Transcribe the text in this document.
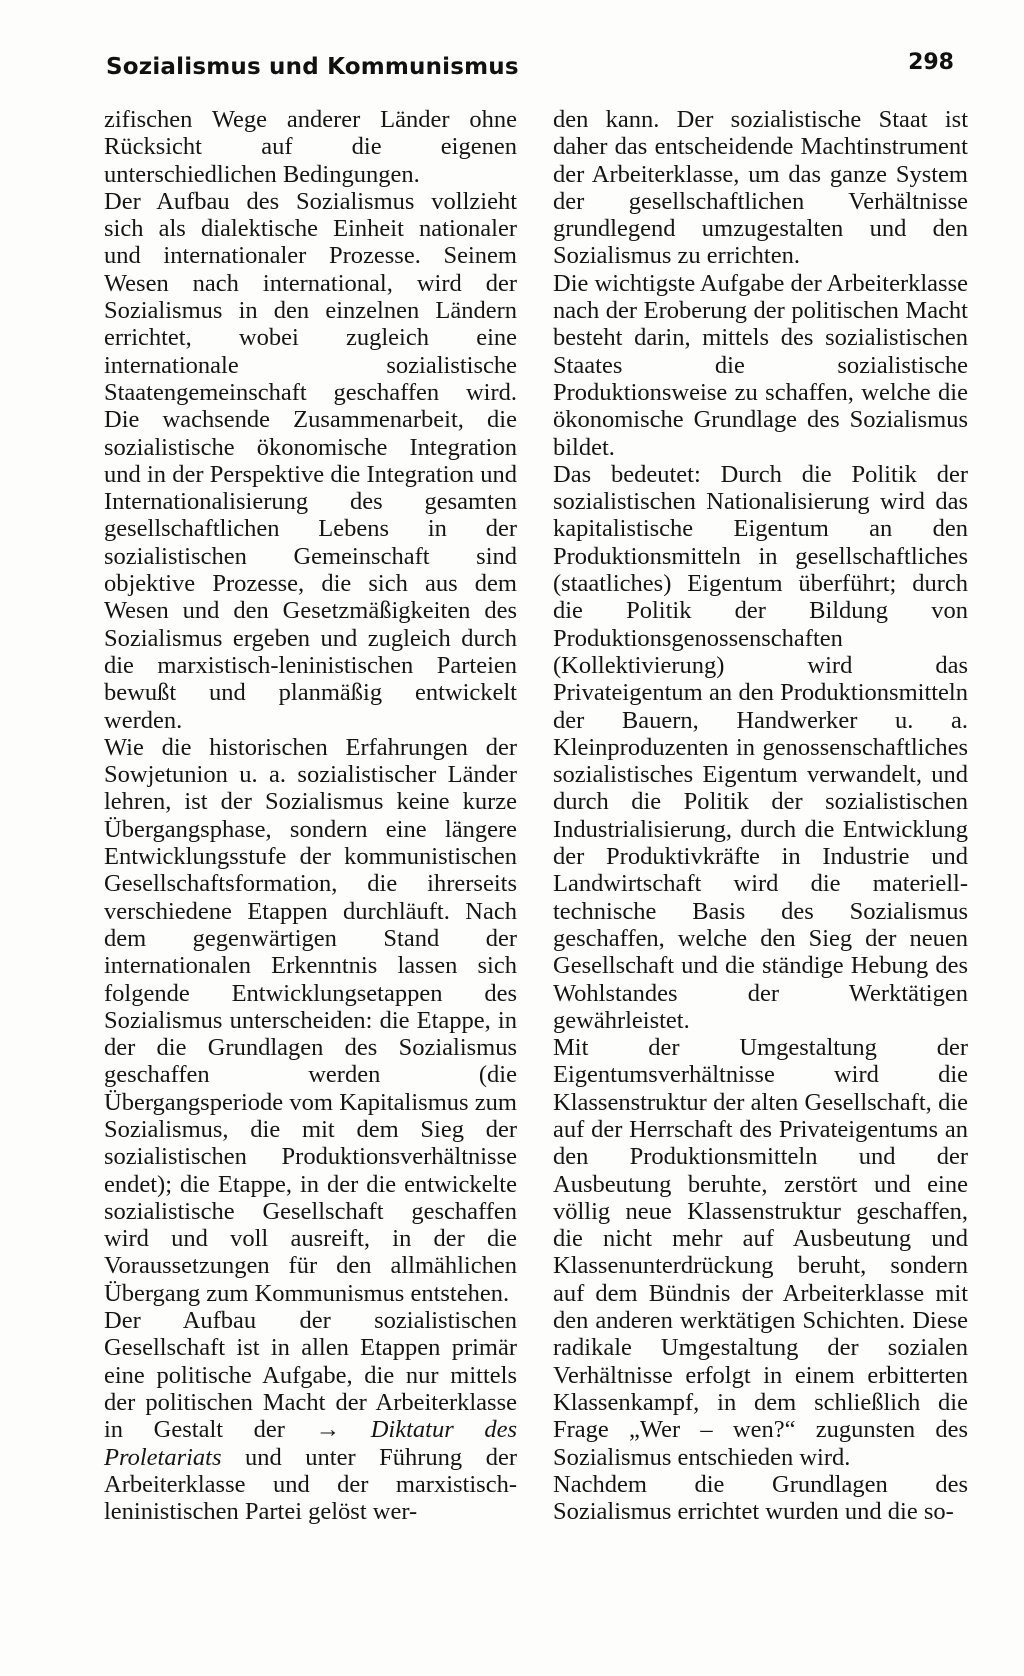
Sozialismus und Kommunismus	298

zifischen Wege anderer Länder ohne Rücksicht auf die eigenen unterschiedlichen Bedingungen.

Der Aufbau des Sozialismus vollzieht sich als dialektische Einheit nationaler und internationaler Prozesse. Seinem Wesen nach international, wird der Sozialismus in den einzelnen Ländern errichtet, wobei zugleich eine internationale sozialistische Staatengemeinschaft geschaffen wird. Die wachsende Zusammenarbeit, die sozialistische ökonomische Integration und in der Perspektive die Integration und Internationalisierung des gesamten gesellschaftlichen Lebens in der sozialistischen Gemeinschaft sind objektive Prozesse, die sich aus dem Wesen und den Gesetzmäßigkeiten des Sozialismus ergeben und zugleich durch die marxistisch-leninistischen Parteien bewußt und planmäßig entwickelt werden.

Wie die historischen Erfahrungen der Sowjetunion u. a. sozialistischer Länder lehren, ist der Sozialismus keine kurze Übergangsphase, sondern eine längere Entwicklungsstufe der kommunistischen Gesellschaftsformation, die ihrerseits verschiedene Etappen durchläuft. Nach dem gegenwärtigen Stand der internationalen Erkenntnis lassen sich folgende Entwicklungsetappen des Sozialismus unterscheiden: die Etappe, in der die Grundlagen des Sozialismus geschaffen werden (die Übergangsperiode vom Kapitalismus zum Sozialismus, die mit dem Sieg der sozialistischen Produktionsverhältnisse endet); die Etappe, in der die entwickelte sozialistische Gesellschaft geschaffen wird und voll ausreift, in der die Voraussetzungen für den allmählichen Übergang zum Kommunismus entstehen.

Der Aufbau der sozialistischen Gesellschaft ist in allen Etappen primär eine politische Aufgabe, die nur mittels der politischen Macht der Arbeiterklasse in Gestalt der → Diktatur des Proletariats und unter Führung der Arbeiterklasse und der marxistisch-leninistischen Partei gelöst wer-

den kann. Der sozialistische Staat ist daher das entscheidende Machtinstrument der Arbeiterklasse, um das ganze System der gesellschaftlichen Verhältnisse grundlegend umzugestalten und den Sozialismus zu errichten.

Die wichtigste Aufgabe der Arbeiterklasse nach der Eroberung der politischen Macht besteht darin, mittels des sozialistischen Staates die sozialistische Produktionsweise zu schaffen, welche die ökonomische Grundlage des Sozialismus bildet.

Das bedeutet: Durch die Politik der sozialistischen Nationalisierung wird das kapitalistische Eigentum an den Produktionsmitteln in gesellschaftliches (staatliches) Eigentum überführt; durch die Politik der Bildung von Produktionsgenossenschaften (Kollektivierung) wird das Privateigentum an den Produktionsmitteln der Bauern, Handwerker u. a. Kleinproduzenten in genossenschaftliches sozialistisches Eigentum verwandelt, und durch die Politik der sozialistischen Industrialisierung, durch die Entwicklung der Produktivkräfte in Industrie und Landwirtschaft wird die materiell-technische Basis des Sozialismus geschaffen, welche den Sieg der neuen Gesellschaft und die ständige Hebung des Wohlstandes der Werktätigen gewährleistet.

Mit der Umgestaltung der Eigentumsverhältnisse wird die Klassenstruktur der alten Gesellschaft, die auf der Herrschaft des Privateigentums an den Produktionsmitteln und der Ausbeutung beruhte, zerstört und eine völlig neue Klassenstruktur geschaffen, die nicht mehr auf Ausbeutung und Klassenunterdrückung beruht, sondern auf dem Bündnis der Arbeiterklasse mit den anderen werktätigen Schichten. Diese radikale Umgestaltung der sozialen Verhältnisse erfolgt in einem erbitterten Klassenkampf, in dem schließlich die Frage „Wer – wen?“ zugunsten des Sozialismus entschieden wird.

Nachdem die Grundlagen des Sozialismus errichtet wurden und die so-
